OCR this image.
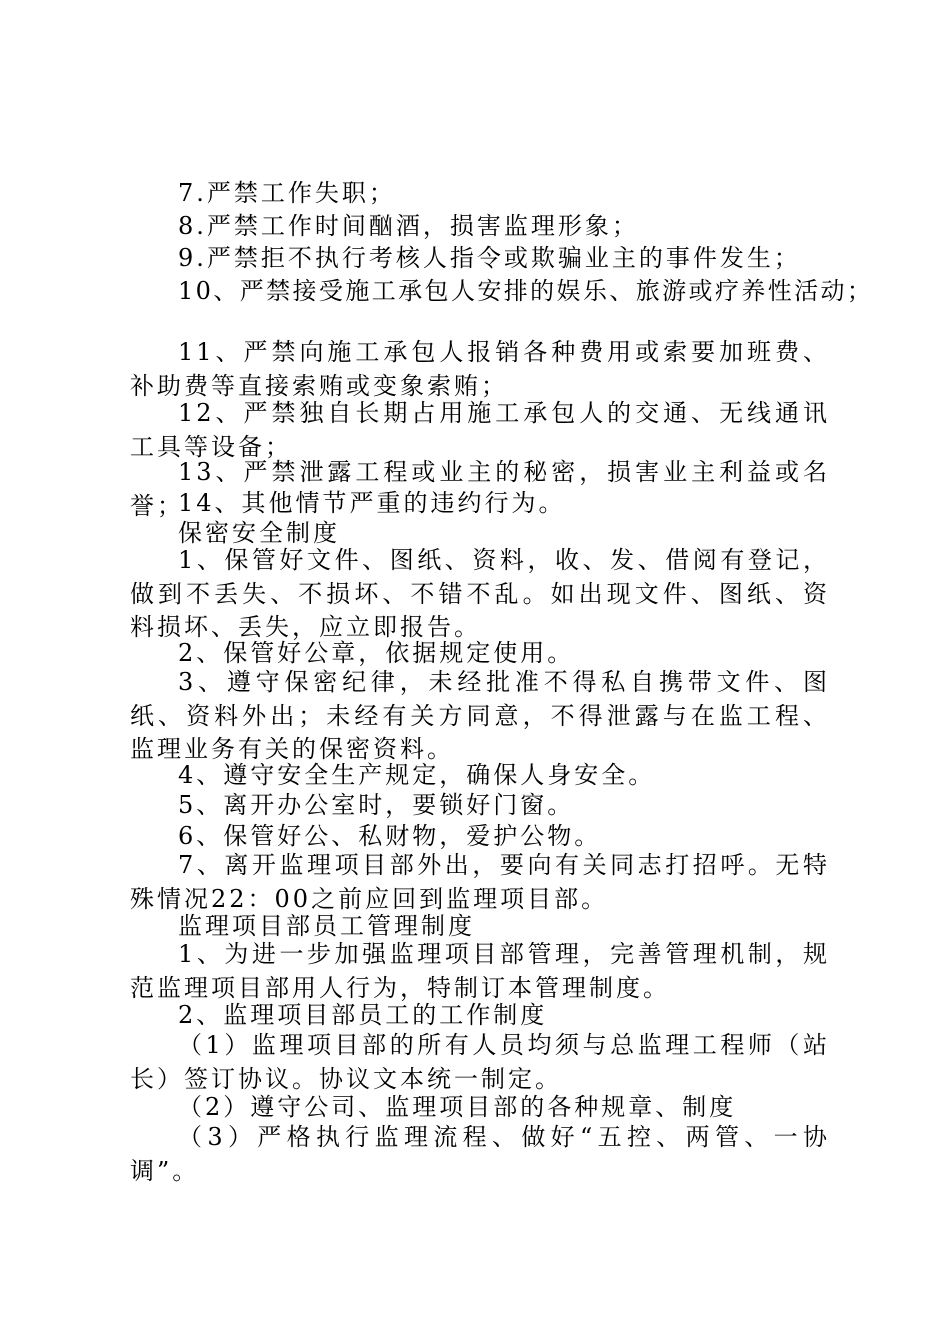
7.严禁工作失职；
8.严禁工作时间酗酒，损害监理形象；
9.严禁拒不执行考核人指令或欺骗业主的事件发生；
10、严禁接受施工承包人安排的娱乐、旅游或疗养性活动；
11、严禁向施工承包人报销各种费用或索要加班费、补助费等直接索贿或变象索贿；
12、严禁独自长期占用施工承包人的交通、无线通讯工具等设备；
13、严禁泄露工程或业主的秘密，损害业主利益或名誉；
14、其他情节严重的违约行为。
保密安全制度
1、保管好文件、图纸、资料，收、发、借阅有登记，做到不丢失、不损坏、不错不乱。如出现文件、图纸、资料损坏、丢失，应立即报告。
2、保管好公章，依据规定使用。
3、遵守保密纪律，未经批准不得私自携带文件、图纸、资料外出；未经有关方同意，不得泄露与在监工程、监理业务有关的保密资料。
4、遵守安全生产规定，确保人身安全。
5、离开办公室时，要锁好门窗。
6、保管好公、私财物，爱护公物。
7、离开监理项目部外出，要向有关同志打招呼。无特殊情况22：00之前应回到监理项目部。
监理项目部员工管理制度
1、为进一步加强监理项目部管理，完善管理机制，规范监理项目部用人行为，特制订本管理制度。
2、监理项目部员工的工作制度
（1）监理项目部的所有人员均须与总监理工程师（站长）签订协议。协议文本统一制定。
（2）遵守公司、监理项目部的各种规章、制度
（3）严格执行监理流程、做好“五控、两管、一协调”。
